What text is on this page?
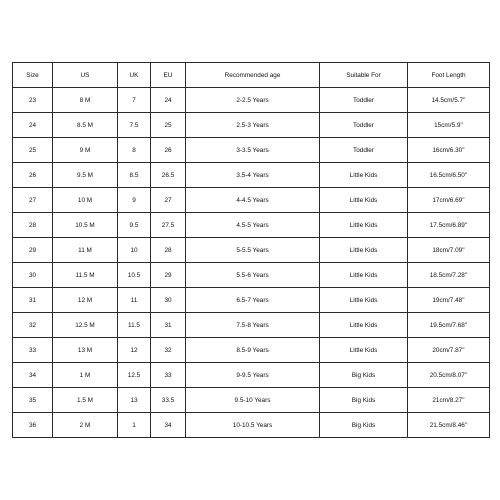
Size	US	UK	EU	Recommended age	Suitable For	Foot Length
23	8 M	7	24	2-2.5 Years	Toddler	14.5cm/5.7''
24	8.5 M	7.5	25	2.5-3 Years	Toddler	15cm/5.9''
25	9 M	8	26	3-3.5 Years	Toddler	16cm/6.30''
26	9.5 M	8.5	26.5	3.5-4 Years	Little Kids	16.5cm/6.50''
27	10 M	9	27	4-4.5 Years	Little Kids	17cm/6.69''
28	10.5 M	9.5	27.5	4.5-5 Years	Little Kids	17.5cm/6.89''
29	11 M	10	28	5-5.5 Years	Little Kids	18cm/7.09''
30	11.5 M	10.5	29	5.5-6 Years	Little Kids	18.5cm/7.28''
31	12 M	11	30	6.5-7 Years	Little Kids	19cm/7.48''
32	12.5 M	11.5	31	7.5-8 Years	Little Kids	19.5cm/7.68''
33	13 M	12	32	8.5-9 Years	Little Kids	20cm/7.87''
34	1 M	12.5	33	9-9.5 Years	Big Kids	20.5cm/8.07''
35	1.5 M	13	33.5	9.5-10 Years	Big Kids	21cm/8.27''
36	2 M	1	34	10-10.5 Years	Big Kids	21.5cm/8.46''
